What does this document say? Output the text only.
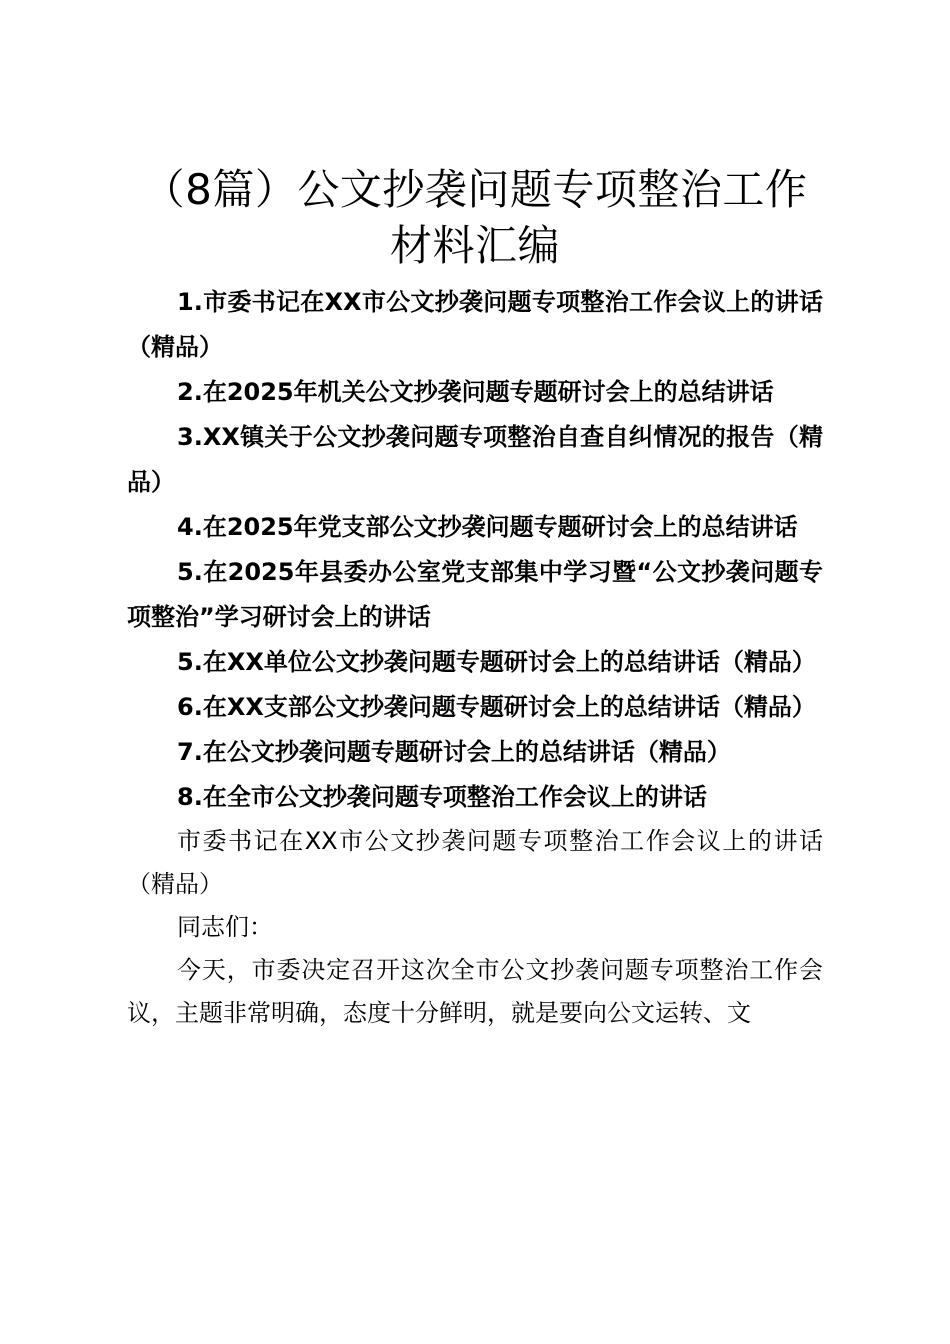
（8篇）公文抄袭问题专项整治工作材料汇编
1.市委书记在XX市公文抄袭问题专项整治工作会议上的讲话（精品）
2.在2025年机关公文抄袭问题专题研讨会上的总结讲话
3.XX镇关于公文抄袭问题专项整治自查自纠情况的报告（精品）
4.在2025年党支部公文抄袭问题专题研讨会上的总结讲话
5.在2025年县委办公室党支部集中学习暨“公文抄袭问题专项整治”学习研讨会上的讲话
5.在XX单位公文抄袭问题专题研讨会上的总结讲话（精品）
6.在XX支部公文抄袭问题专题研讨会上的总结讲话（精品）
7.在公文抄袭问题专题研讨会上的总结讲话（精品）
8.在全市公文抄袭问题专项整治工作会议上的讲话

市委书记在XX市公文抄袭问题专项整治工作会议上的讲话（精品）

同志们：

今天，市委决定召开这次全市公文抄袭问题专项整治工作会议，主题非常明确，态度十分鲜明，就是要向公文运转、文
